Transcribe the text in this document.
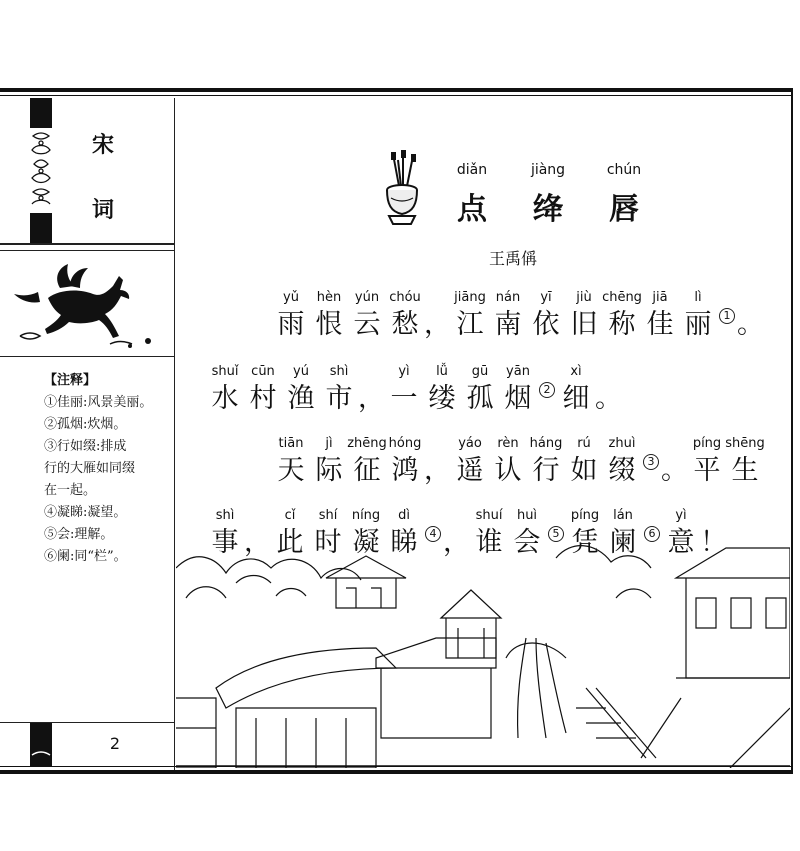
宋
词
【注释】
①佳丽:风景美丽。
②孤烟:炊烟。
③行如缀:排成
行的大雁如同缀
在一起。
④凝睇:凝望。
⑤会:理解。
⑥阑:同“栏”。
2
diǎn
点
jiàng
绛
chún
唇
王禹偁
yǔ
雨
hèn
恨
yún
云
chóu
愁 ，
jiāng
江
nán
南
yī
依
jiù
旧
chēng
称
jiā
佳
lì
丽	1 。
shuǐ
水
cūn
村
yú
渔
shì
市 ，
yì
一
lǚ
缕
gū
孤
yān
烟	2
xì
细 。
tiān
天
jì
际
zhēng
征
hóng
鸿 ，
yáo
遥
rèn
认
háng
行
rú
如
zhuì
缀	3 。
píng
平
shēng
生
shì
事 ，
cǐ
此
shí
时
níng
凝
dì
睇	4 ，
shuí
谁
huì
会	5
píng
凭
lán
阑	6
yì
意 ！
